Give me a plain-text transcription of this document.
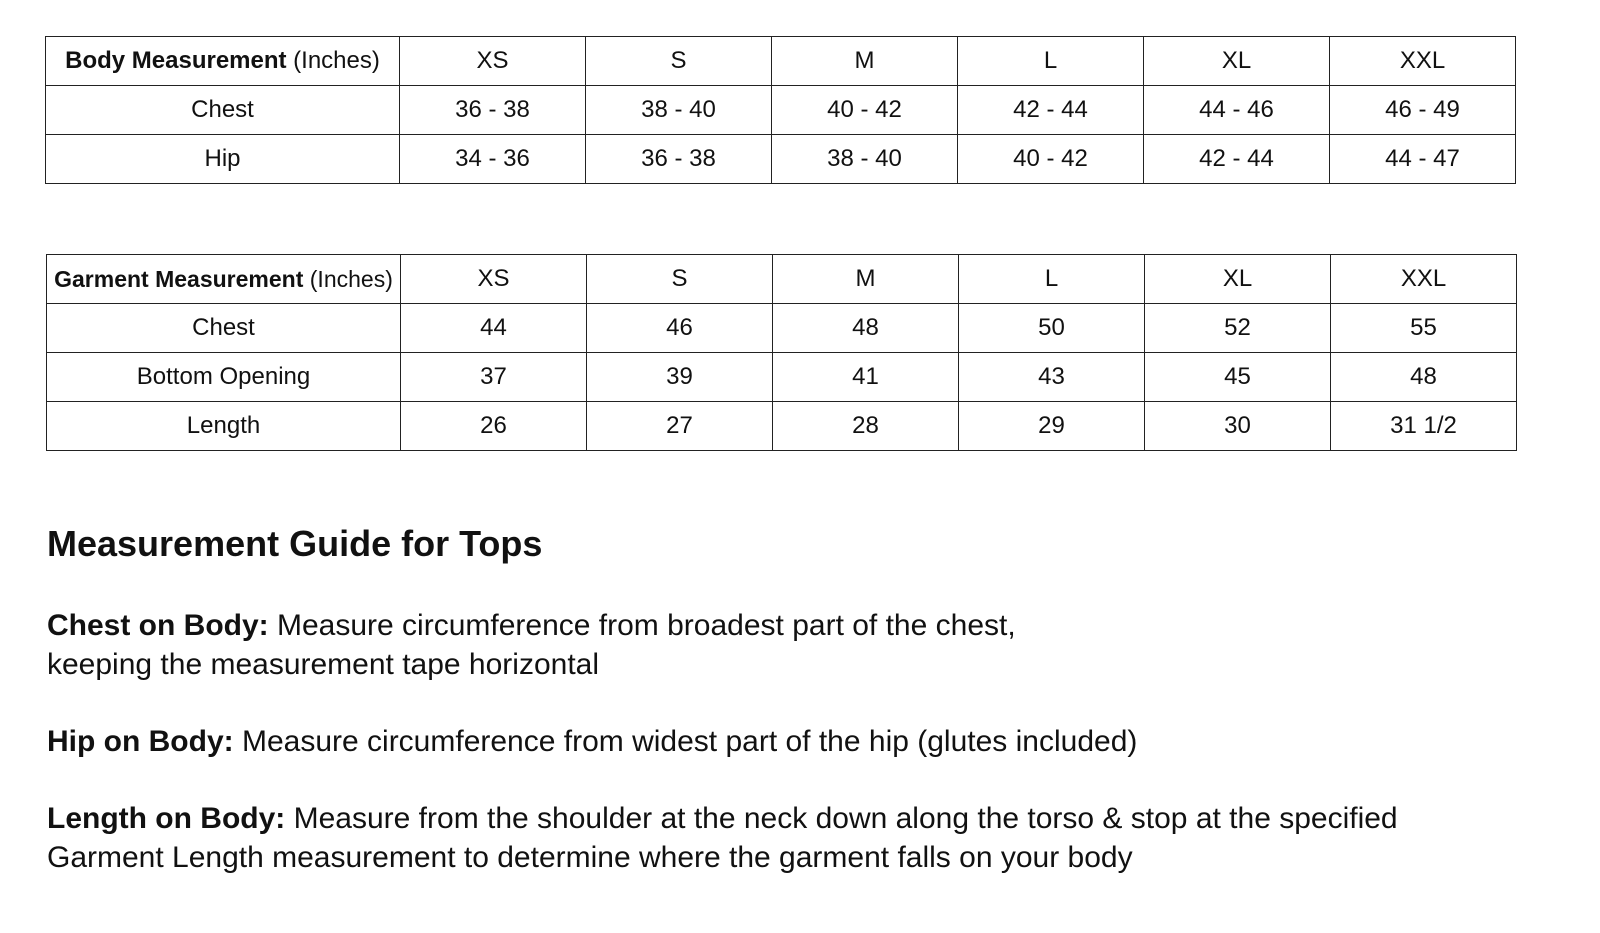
Body Measurement (Inches)	XS	S	M	L	XL	XXL
Chest	36 - 38	38 - 40	40 - 42	42 - 44	44 - 46	46 - 49
Hip	34 - 36	36 - 38	38 - 40	40 - 42	42 - 44	44 - 47
Garment Measurement (Inches)	XS	S	M	L	XL	XXL
Chest	44	46	48	50	52	55
Bottom Opening	37	39	41	43	45	48
Length	26	27	28	29	30	31 1/2
Measurement Guide for Tops

Chest on Body: Measure circumference from broadest part of the chest,
keeping the measurement tape horizontal

Hip on Body: Measure circumference from widest part of the hip (glutes included)

Length on Body: Measure from the shoulder at the neck down along the torso & stop at the specified
Garment Length measurement to determine where the garment falls on your body
